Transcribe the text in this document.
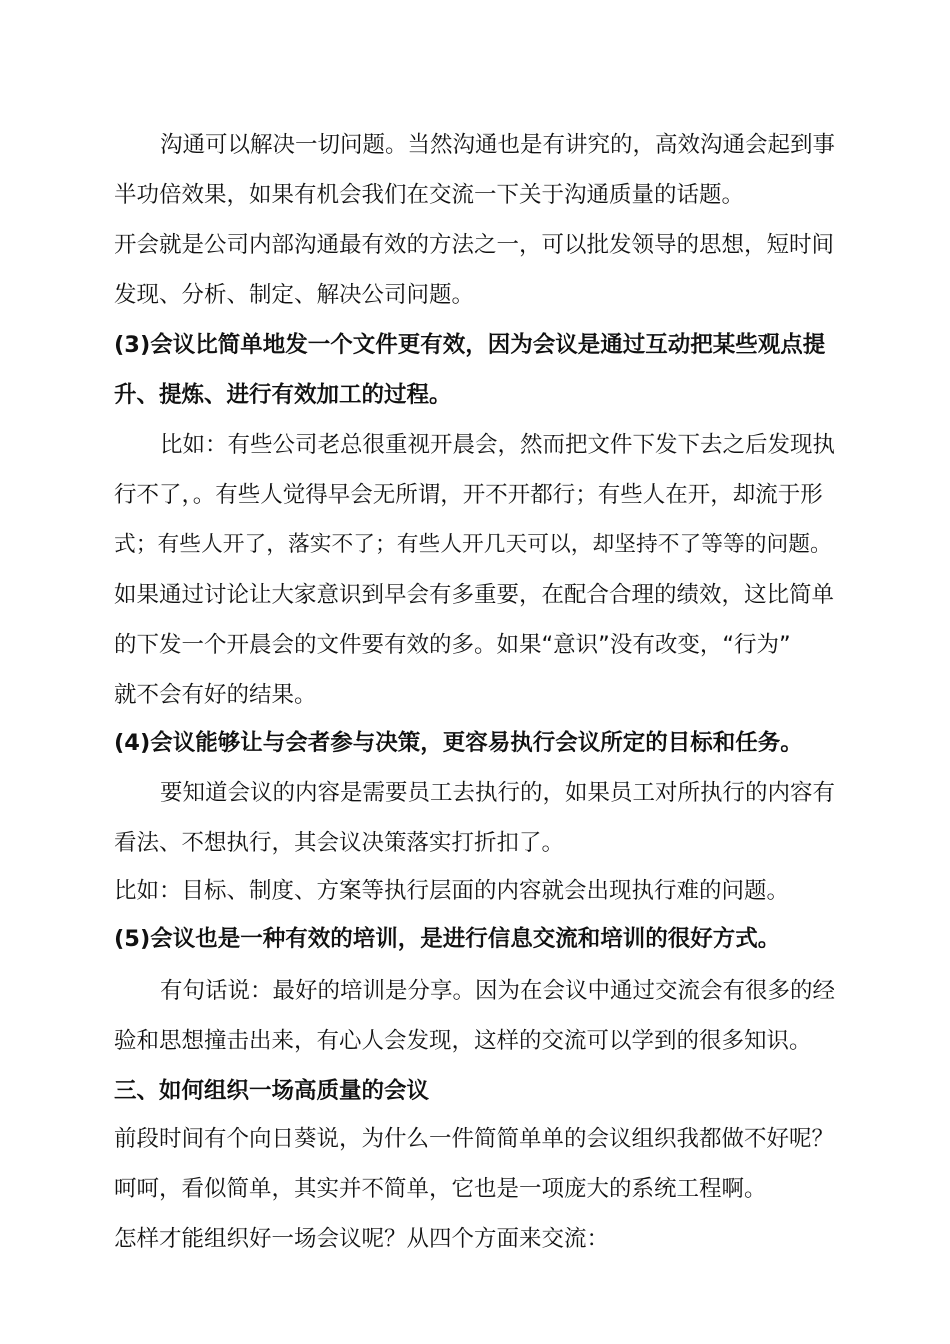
沟通可以解决一切问题。当然沟通也是有讲究的，高效沟通会起到事
半功倍效果，如果有机会我们在交流一下关于沟通质量的话题。
开会就是公司内部沟通最有效的方法之一，可以批发领导的思想，短时间
发现、分析、制定、解决公司问题。
(3)会议比简单地发一个文件更有效，因为会议是通过互动把某些观点提
升、提炼、进行有效加工的过程。
比如：有些公司老总很重视开晨会，然而把文件下发下去之后发现执
行不了，。有些人觉得早会无所谓，开不开都行；有些人在开，却流于形
式；有些人开了，落实不了；有些人开几天可以，却坚持不了等等的问题。
如果通过讨论让大家意识到早会有多重要，在配合合理的绩效，这比简单
的下发一个开晨会的文件要有效的多。如果“意识”没有改变，“行为”
就不会有好的结果。
(4)会议能够让与会者参与决策，更容易执行会议所定的目标和任务。
要知道会议的内容是需要员工去执行的，如果员工对所执行的内容有
看法、不想执行，其会议决策落实打折扣了。
比如：目标、制度、方案等执行层面的内容就会出现执行难的问题。
(5)会议也是一种有效的培训，是进行信息交流和培训的很好方式。
有句话说：最好的培训是分享。因为在会议中通过交流会有很多的经
验和思想撞击出来，有心人会发现，这样的交流可以学到的很多知识。
三、如何组织一场高质量的会议
前段时间有个向日葵说，为什么一件简简单单的会议组织我都做不好呢？
呵呵，看似简单，其实并不简单，它也是一项庞大的系统工程啊。
怎样才能组织好一场会议呢？从四个方面来交流：
